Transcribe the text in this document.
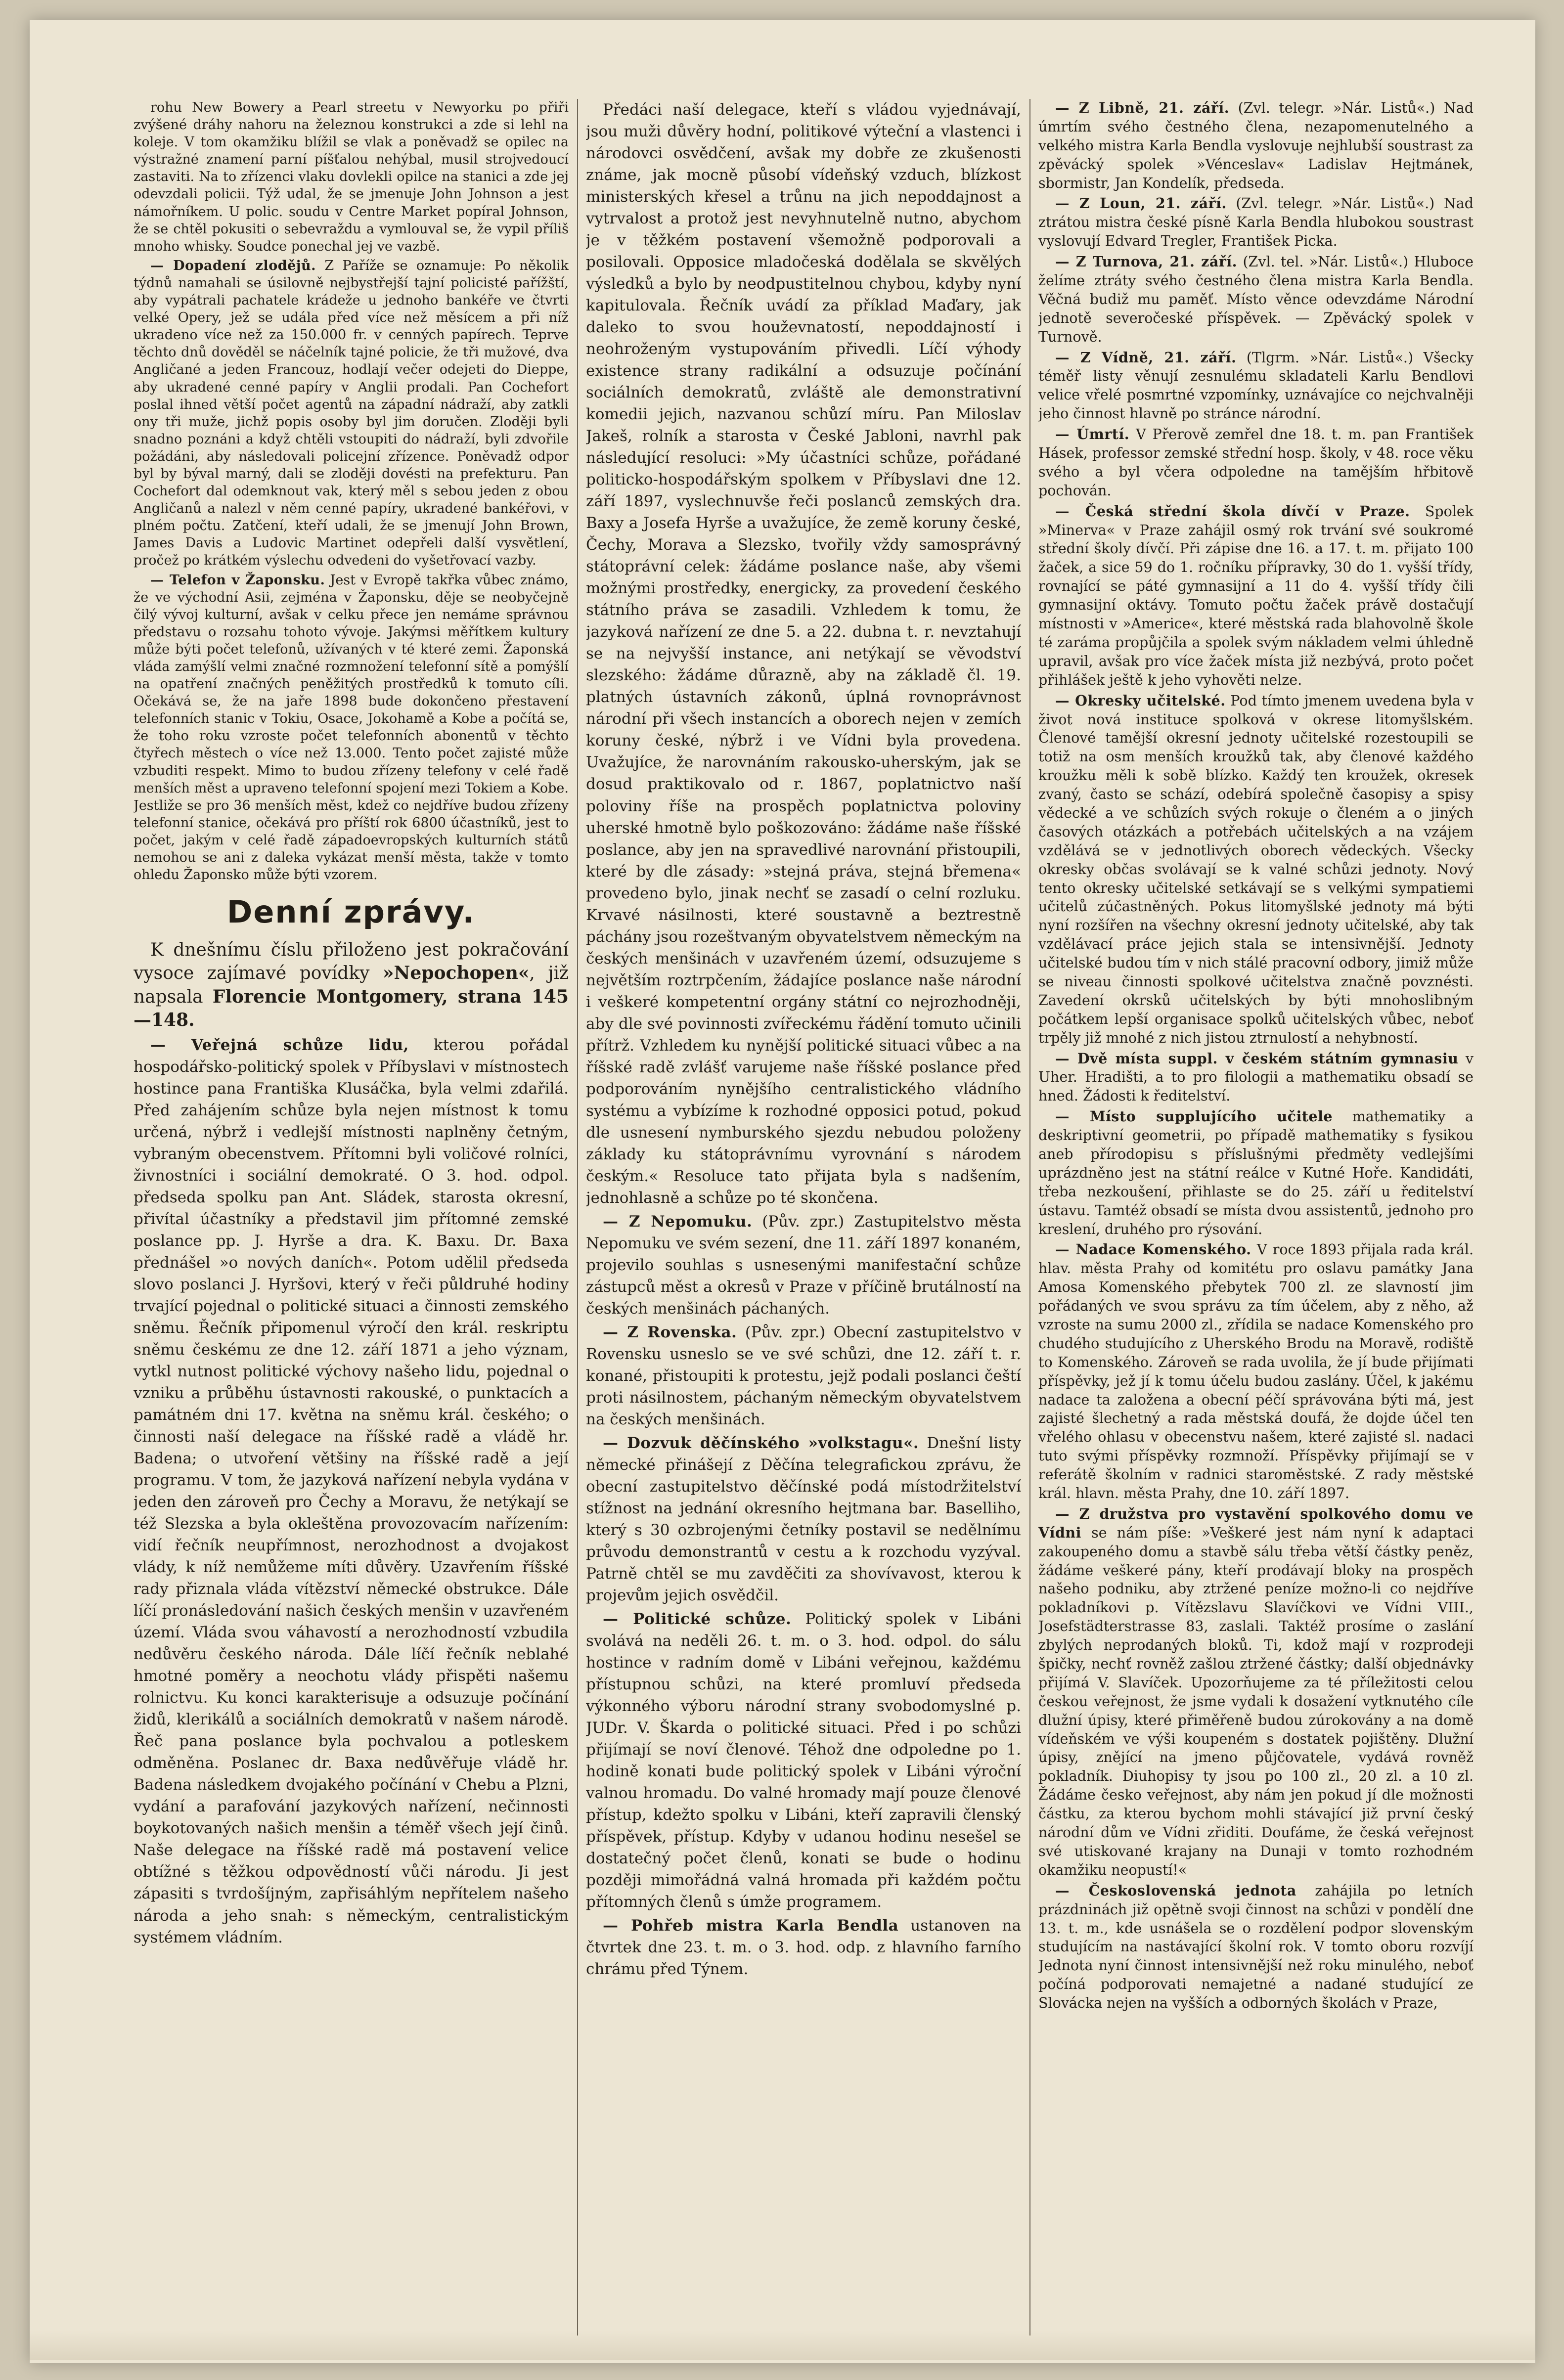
rohu New Bowery a Pearl streetu v Newyorku po přiři zvýšené dráhy nahoru na železnou konstrukci a zde si lehl na koleje. V tom okamžiku blížil se vlak a poněvadž se opilec na výstražné znamení parní píšťalou nehýbal, musil strojvedoucí zastaviti. Na to zřízenci vlaku dovlekli opilce na stanici a zde jej odevzdali policii. Týž udal, že se jmenuje John Johnson a jest námořníkem. U polic. soudu v Centre Market popíral Johnson, že se chtěl pokusiti o sebevraždu a vymlouval se, že vypil příliš mnoho whisky. Soudce ponechal jej ve vazbě.

— Dopadení zlodějů. Z Paříže se oznamuje: Po několik týdnů namahali se úsilovně nejbystřejší tajní policisté pařížští, aby vypátrali pachatele krádeže u jednoho bankéře ve čtvrti velké Opery, jež se udála před více než měsícem a při níž ukradeno více než za 150.000 fr. v cenných papírech. Teprve těchto dnů dověděl se náčelník tajné policie, že tři mužové, dva Angličané a jeden Francouz, hodlají večer odejeti do Dieppe, aby ukradené cenné papíry v Anglii prodali. Pan Cochefort poslal ihned větší počet agentů na západní nádraží, aby zatkli ony tři muže, jichž popis osoby byl jim doručen. Zloději byli snadno poznáni a když chtěli vstoupiti do nádraží, byli zdvořile požádáni, aby následovali policejní zřízence. Poněvadž odpor byl by býval marný, dali se zloději dovésti na prefekturu. Pan Cochefort dal odemknout vak, který měl s sebou jeden z obou Angličanů a nalezl v něm cenné papíry, ukradené bankéřovi, v plném počtu. Zatčení, kteří udali, že se jmenují John Brown, James Davis a Ludovic Martinet odepřeli další vysvětlení, pročež po krátkém výslechu odvedeni do vyšetřovací vazby.

— Telefon v Žaponsku. Jest v Evropě takřka vůbec známo, že ve východní Asii, zejména v Žaponsku, děje se neobyčejně čilý vývoj kulturní, avšak v celku přece jen nemáme správnou představu o rozsahu tohoto vývoje. Jakýmsi měřítkem kultury může býti počet telefonů, užívaných v té které zemi. Žaponská vláda zamýšlí velmi značné rozmnožení telefonní sítě a pomýšlí na opatření značných peněžitých prostředků k tomuto cíli. Očekává se, že na jaře 1898 bude dokončeno přestavení telefonních stanic v Tokiu, Osace, Jokohamě a Kobe a počítá se, že toho roku vzroste počet telefonních abonentů v těchto čtyřech městech o více než 13.000. Tento počet zajisté může vzbuditi respekt. Mimo to budou zřízeny telefony v celé řadě menších měst a upraveno telefonní spojení mezi Tokiem a Kobe. Jestliže se pro 36 menších měst, kdež co nejdříve budou zřízeny telefonní stanice, očekává pro příští rok 6800 účastníků, jest to počet, jakým v celé řadě západoevropských kulturních států nemohou se ani z daleka vykázat menší města, takže v tomto ohledu Žaponsko může býti vzorem.

Denní zprávy.

K dnešnímu číslu přiloženo jest pokračování vysoce zajímavé povídky »Nepochopen«, již napsala Florencie Montgomery, strana 145—148.

— Veřejná schůze lidu, kterou pořádal hospodářsko-politický spolek v Příbyslavi v místnostech hostince pana Františka Klusáčka, byla velmi zdařilá. Před zahájením schůze byla nejen místnost k tomu určená, nýbrž i vedlejší místnosti naplněny četným, vybraným obecenstvem. Přítomni byli voličové rolníci, živnostníci i sociální demokraté. O 3. hod. odpol. předseda spolku pan Ant. Sládek, starosta okresní, přivítal účastníky a představil jim přítomné zemské poslance pp. J. Hyrše a drа. K. Baxu. Dr. Baxa přednášel »o nových daních«. Potom udělil předseda slovo poslanci J. Hyršovi, který v řeči půldruhé hodiny trvající pojednal o politické situaci a činnosti zemského sněmu. Řečník připomenul výročí den král. reskriptu sněmu českému ze dne 12. září 1871 a jeho význam, vytkl nutnost politické výchovy našeho lidu, pojednal o vzniku a průběhu ústavnosti rakouské, o punktacích a památném dni 17. května na sněmu král. českého; o činnosti naší delegace na říšské radě a vládě hr. Badena; o utvoření většiny na říšské radě a její programu. V tom, že jazyková nařízení nebyla vydána v jeden den zároveň pro Čechy a Moravu, že netýkají se též Slezska a byla okleštěna provozovacím nařízením: vidí řečník neupřímnost, nerozhodnost a dvojakost vlády, k níž nemůžeme míti důvěry. Uzavřením říšské rady přiznala vláda vítězství německé obstrukce. Dále líčí pronásledování našich českých menšin v uzavřeném území. Vláda svou váhavostí a nerozhodností vzbudila nedůvěru českého národa. Dále líčí řečník neblahé hmotné poměry a neochotu vlády přispěti našemu rolnictvu. Ku konci karakterisuje a odsuzuje počínání židů, klerikálů a sociálních demokratů v našem národě. Řeč pana poslance byla pochvalou a potleskem odměněna. Poslanec dr. Baxa nedůvěřuje vládě hr. Badena následkem dvojakého počínání v Chebu a Plzni, vydání a parafování jazykových nařízení, nečinnosti boykotovaných našich menšin a téměř všech její činů. Naše delegace na říšské radě má postavení velice obtížné s těžkou odpovědností vůči národu. Ji jest zápasiti s tvrdošíjným, zapřisáhlým nepřítelem našeho národa a jeho snah: s německým, centralistickým systémem vládním.

Předáci naší delegace, kteří s vládou vyjednávají, jsou muži důvěry hodní, politikové výteční a vlastenci i národovci osvědčení, avšak my dobře ze zkušenosti známe, jak mocně působí vídeňský vzduch, blízkost ministerských křesel a trůnu na jich nepoddajnost a vytrvalost a protož jest nevyhnutelně nutno, abychom je v těžkém postavení všemožně podporovali a posilovali. Opposice mladočeská dodělala se skvělých výsledků a bylo by neodpustitelnou chybou, kdyby nyní kapitulovala. Řečník uvádí za příklad Maďary, jak daleko to svou houževnatostí, nepoddajností i neohroženým vystupováním přivedli. Líčí výhody existence strany radikální a odsuzuje počínání sociálních demokratů, zvláště ale demonstrativní komedii jejich, nazvanou schůzí míru. Pan Miloslav Jakeš, rolník a starosta v České Jabloni, navrhl pak následující resoluci: »My účastníci schůze, pořádané politicko-hospodářským spolkem v Příbyslavi dne 12. září 1897, vyslechnuvše řeči poslanců zemských dra. Baxy a Josefa Hyrše a uvažujíce, že země koruny české, Čechy, Morava a Slezsko, tvořily vždy samosprávný státoprávní celek: žádáme poslance naše, aby všemi možnými prostředky, energicky, za provedení českého státního práva se zasadili. Vzhledem k tomu, že jazyková nařízení ze dne 5. a 22. dubna t. r. nevztahují se na nejvyšší instance, ani netýkají se věvodství slezského: žádáme důrazně, aby na základě čl. 19. platných ústavních zákonů, úplná rovnoprávnost národní při všech instancích a oborech nejen v zemích koruny české, nýbrž i ve Vídni byla provedena. Uvažujíce, že narovnáním rakousko-uherským, jak se dosud praktikovalo od r. 1867, poplatnictvo naší poloviny říše na prospěch poplatnictva poloviny uherské hmotně bylo poškozováno: žádáme naše říšské poslance, aby jen na spravedlivé narovnání přistoupili, které by dle zásady: »stejná práva, stejná břemena« provedeno bylo, jinak nechť se zasadí o celní rozluku. Krvavé násilnosti, které soustavně a beztrestně páchány jsou rozeštvaným obyvatelstvem německým na českých menšinách v uzavřeném území, odsuzujeme s největším roztrpčením, žádajíce poslance naše národní i veškeré kompetentní orgány státní co nejrozhodněji, aby dle své povinnosti zvířeckému řádění tomuto učinili přítrž. Vzhledem ku nynější politické situaci vůbec a na říšské radě zvlášť varujeme naše říšské poslance před podporováním nynějšího centralistického vládního systému a vybízíme k rozhodné opposici potud, pokud dle usnesení nymburského sjezdu nebudou položeny základy ku státoprávnímu vyrovnání s národem českým.« Resoluce tato přijata byla s nadšením, jednohlasně a schůze po té skončena.

— Z Nepomuku. (Pův. zpr.) Zastupitelstvo města Nepomuku ve svém sezení, dne 11. září 1897 konaném, projevilo souhlas s usnesenými manifestační schůze zástupců měst a okresů v Praze v příčině brutálností na českých menšinách páchaných.

— Z Rovenska. (Pův. zpr.) Obecní zastupitelstvo v Rovensku usneslo se ve své schůzi, dne 12. září t. r. konané, přistoupiti k protestu, jejž podali poslanci čeští proti násilnostem, páchaným německým obyvatelstvem na českých menšinách.

— Dozvuk děčínského »volkstagu«. Dnešní listy německé přinášejí z Děčína telegrafickou zprávu, že obecní zastupitelstvo děčínské podá místodržitelství stížnost na jednání okresního hejtmana bar. Baselliho, který s 30 ozbrojenými četníky postavil se nedělnímu průvodu demonstrantů v cestu a k rozchodu vyzýval. Patrně chtěl se mu zavděčiti za shovívavost, kterou k projevům jejich osvědčil.

— Politické schůze. Politický spolek v Libáni svolává na neděli 26. t. m. o 3. hod. odpol. do sálu hostince v radním domě v Libáni veřejnou, každému přístupnou schůzi, na které promluví předseda výkonného výboru národní strany svobodomyslné p. JUDr. V. Škarda o politické situaci. Před i po schůzi přijímají se noví členové. Téhož dne odpoledne po 1. hodině konati bude politický spolek v Libáni výroční valnou hromadu. Do valné hromady mají pouze členové přístup, kdežto spolku v Libáni, kteří zapravili členský příspěvek, přístup. Kdyby v udanou hodinu nesešel se dostatečný počet členů, konati se bude o hodinu později mimořádná valná hromada při každém počtu přítomných členů s úmže programem.

— Pohřeb mistra Karla Bendla ustanoven na čtvrtek dne 23. t. m. o 3. hod. odp. z hlavního farního chrámu před Týnem.

— Z Libně, 21. září. (Zvl. telegr. »Nár. Listů«.) Nad úmrtím svého čestného člena, nezapomenutelného a velkého mistra Karla Bendla vyslovuje nejhlubší soustrast za zpěvácký spolek »Vénceslav« Ladislav Hejtmánek, sbormistr, Jan Kondelík, předseda.

— Z Loun, 21. září. (Zvl. telegr. »Nár. Listů«.) Nad ztrátou mistra české písně Karla Bendla hlubokou soustrast vyslovují Edvard Tregler, František Picka.

— Z Turnova, 21. září. (Zvl. tel. »Nár. Listů«.) Hluboce želíme ztráty svého čestného člena mistra Karla Bendla. Věčná budiž mu paměť. Místo věnce odevzdáme Národní jednotě severočeské příspěvek. — Zpěvácký spolek v Turnově.

— Z Vídně, 21. září. (Tlgrm. »Nár. Listů«.) Všecky téměř listy věnují zesnulému skladateli Karlu Bendlovi velice vřelé posmrtné vzpomínky, uznávajíce co nejchvalněji jeho činnost hlavně po stránce národní.

— Úmrtí. V Přerově zemřel dne 18. t. m. pan František Hásek, professor zemské střední hosp. školy, v 48. roce věku svého a byl včera odpoledne na tamějším hřbitově pochován.

— Česká střední škola dívčí v Praze. Spolek »Minerva« v Praze zahájil osmý rok trvání své soukromé střední školy dívčí. Při zápise dne 16. a 17. t. m. přijato 100 žaček, a sice 59 do 1. ročníku přípravky, 30 do 1. vyšší třídy, rovnající se páté gymnasijní a 11 do 4. vyšší třídy čili gymnasijní oktávy. Tomuto počtu žaček právě dostačují místnosti v »Americe«, které městská rada blahovolně škole té zaráma propůjčila a spolek svým nákladem velmi úhledně upravil, avšak pro více žaček místa již nezbývá, proto počet přihlášek ještě k jeho vyhověti nelze.

— Okresky učitelské. Pod tímto jmenem uvedena byla v život nová instituce spolková v okrese litomyšlském. Členové tamější okresní jednoty učitelské rozestoupili se totiž na osm menších kroužků tak, aby členové každého kroužku měli k sobě blízko. Každý ten kroužek, okresek zvaný, často se schází, odebírá společně časopisy a spisy vědecké a ve schůzích svých rokuje o členém a o jiných časových otázkách a potřebách učitelských a na vzájem vzdělává se v jednotlivých oborech vědeckých. Všecky okresky občas svolávají se k valné schůzi jednoty. Nový tento okresky učitelské setkávají se s velkými sympatiemi učitelů zúčastněných. Pokus litomyšlské jednoty má býti nyní rozšířen na všechny okresní jednoty učitelské, aby tak vzdělávací práce jejich stala se intensivnější. Jednoty učitelské budou tím v nich stálé pracovní odbory, jimiž může se niveau činnosti spolkové učitelstva značně povznésti. Zavedení okrsků učitelských by býti mnohoslibným počátkem lepší organisace spolků učitelských vůbec, neboť trpěly již mnohé z nich jistou ztrnulostí a nehybností.

— Dvě místa suppl. v českém státním gymnasiu v Uher. Hradišti, a to pro filologii a mathematiku obsadí se hned. Žádosti k ředitelství.

— Místo supplujícího učitele mathematiky a deskriptivní geometrii, po případě mathematiky s fysikou aneb přírodopisu s příslušnými předměty vedlejšími uprázdněno jest na státní reálce v Kutné Hoře. Kandidáti, třeba nezkoušení, přihlaste se do 25. září u ředitelství ústavu. Tamtéž obsadí se místa dvou assistentů, jednoho pro kreslení, druhého pro rýsování.

— Nadace Komenského. V roce 1893 přijala rada král. hlav. města Prahy od komitétu pro oslavu památky Jana Amosa Komenského přebytek 700 zl. ze slavností jim pořádaných ve svou správu za tím účelem, aby z něho, až vzroste na sumu 2000 zl., zřídila se nadace Komenského pro chudého studujícího z Uherského Brodu na Moravě, rodiště to Komenského. Zároveň se rada uvolila, že jí bude přijímati příspěvky, jež jí k tomu účelu budou zaslány. Účel, k jakému nadace ta založena a obecní péčí správována býti má, jest zajisté šlechetný a rada městská doufá, že dojde účel ten vřelého ohlasu v obecenstvu našem, které zajisté sl. nadaci tuto svými příspěvky rozmnoží. Příspěvky přijímají se v referátě školním v radnici staroměstské. Z rady městské král. hlavn. města Prahy, dne 10. září 1897.

— Z družstva pro vystavění spolkového domu ve Vídni se nám píše: »Veškeré jest nám nyní k adaptaci zakoupeného domu a stavbě sálu třeba větší částky peněz, žádáme veškeré pány, kteří prodávají bloky na prospěch našeho podniku, aby ztržené peníze možno-li co nejdříve pokladníkovi p. Vítězslavu Slavíčkovi ve Vídni VIII., Josefstädterstrasse 83, zaslali. Taktéž prosíme o zaslání zbylých neprodaných bloků. Ti, kdož mají v rozprodeji špičky, nechť rovněž zašlou ztržené částky; další objednávky přijímá V. Slavíček. Upozorňujeme za té příležitosti celou českou veřejnost, že jsme vydali k dosažení vytknutého cíle dlužní úpisy, které přiměřeně budou zúrokovány a na domě vídeňském ve výši koupeném s dostatek pojištěny. Dlužní úpisy, znějící na jmeno půjčovatele, vydává rovněž pokladník. Diuhopisy ty jsou po 100 zl., 20 zl. a 10 zl. Žádáme česko veřejnost, aby nám jen pokud jí dle možnosti částku, za kterou bychom mohli stávající již první český národní dům ve Vídni zřiditi. Doufáme, že česká veřejnost své utiskované krajany na Dunaji v tomto rozhodném okamžiku neopustí!«

— Československá jednota zahájila po letních prázdninách již opětně svoji činnost na schůzi v pondělí dne 13. t. m., kde usnášela se o rozdělení podpor slovenským studujícím na nastávající školní rok. V tomto oboru rozvíjí Jednota nyní činnost intensivnější než roku minulého, neboť počíná podporovati nemajetné a nadané studující ze Slovácka nejen na vyšších a odborných školách v Praze,
